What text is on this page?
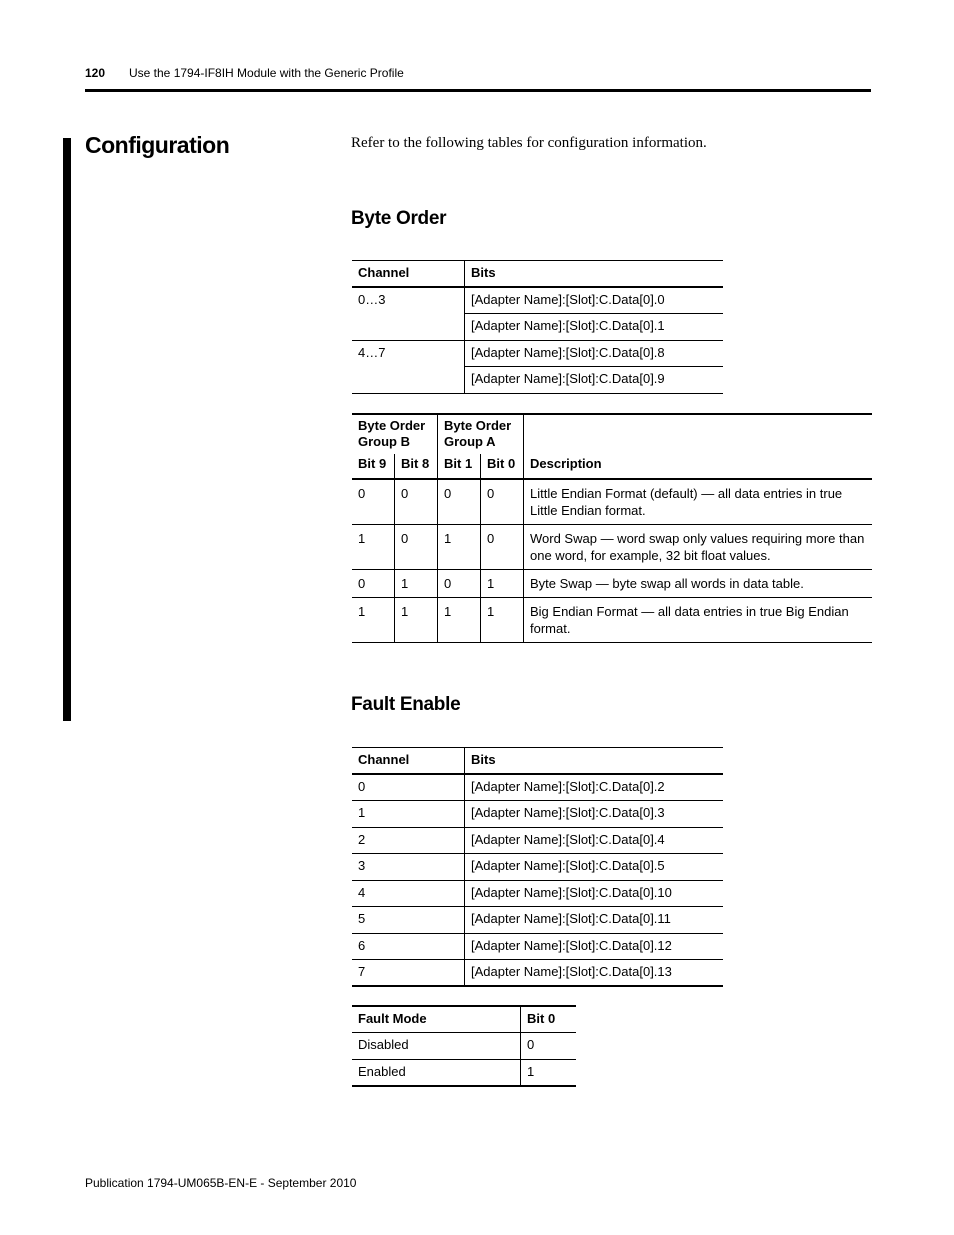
120 Use the 1794-IF8IH Module with the Generic Profile
Configuration	Refer to the following tables for configuration information.
Byte Order
Channel	Bits
0…3	[Adapter Name]:[Slot]:C.Data[0].0
	[Adapter Name]:[Slot]:C.Data[0].1
4…7	[Adapter Name]:[Slot]:C.Data[0].8
	[Adapter Name]:[Slot]:C.Data[0].9
Byte Order Group B		Byte Order Group A		
Bit 9	Bit 8	Bit 1	Bit 0	Description
0	0	0	0	Little Endian Format (default) — all data entries in true Little Endian format.
1	0	1	0	Word Swap — word swap only values requiring more than one word, for example, 32 bit float values.
0	1	0	1	Byte Swap — byte swap all words in data table.
1	1	1	1	Big Endian Format — all data entries in true Big Endian format.
Fault Enable
Channel	Bits
0	[Adapter Name]:[Slot]:C.Data[0].2
1	[Adapter Name]:[Slot]:C.Data[0].3
2	[Adapter Name]:[Slot]:C.Data[0].4
3	[Adapter Name]:[Slot]:C.Data[0].5
4	[Adapter Name]:[Slot]:C.Data[0].10
5	[Adapter Name]:[Slot]:C.Data[0].11
6	[Adapter Name]:[Slot]:C.Data[0].12
7	[Adapter Name]:[Slot]:C.Data[0].13
Fault Mode	Bit 0
Disabled	0
Enabled	1
Publication 1794-UM065B-EN-E - September 2010
